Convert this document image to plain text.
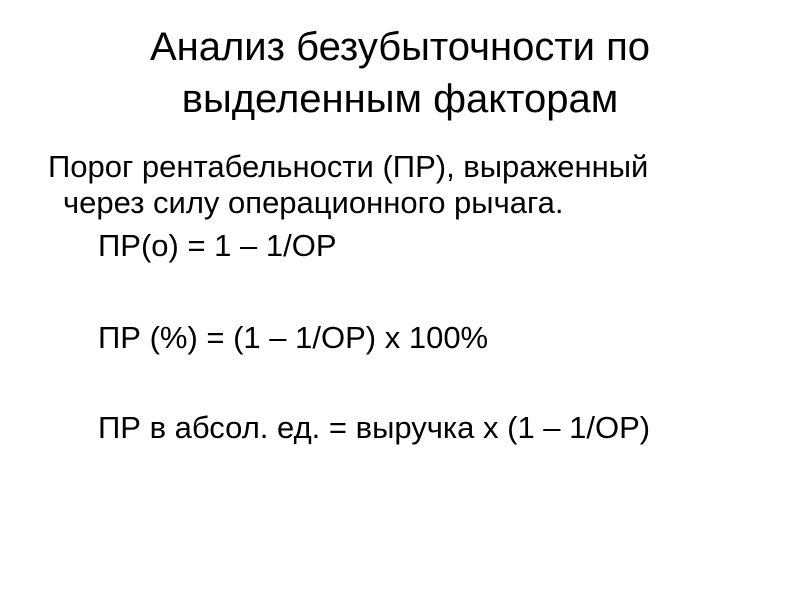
Анализ безубыточности по
выделенным факторам

Порог рентабельности (ПР), выраженный
через силу операционного рычага.

ПР(о) = 1 – 1/ОР

ПР (%) = (1 – 1/ОР) х 100%

ПР в абсол. ед. = выручка х (1 – 1/ОР)
